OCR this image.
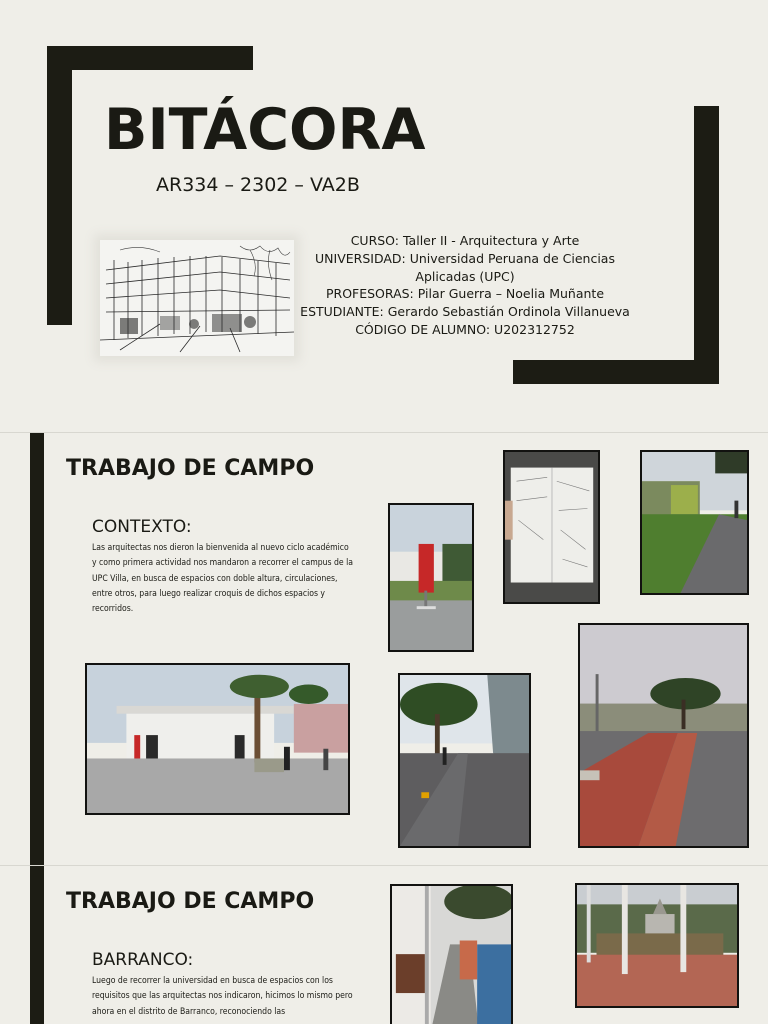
BITÁCORA
AR334 – 2302 – VA2B
CURSO: Taller II - Arquitectura y Arte
UNIVERSIDAD: Universidad Peruana de Ciencias Aplicadas (UPC)
PROFESORAS: Pilar Guerra – Noelia Muñante
ESTUDIANTE: Gerardo Sebastián Ordinola Villanueva
CÓDIGO DE ALUMNO: U202312752
TRABAJO DE CAMPO
CONTEXTO:
Las arquitectas nos dieron la bienvenida al nuevo ciclo académico y como primera actividad nos mandaron a recorrer el campus de la UPC Villa, en busca de espacios con doble altura, circulaciones, entre otros, para luego realizar croquis de dichos espacios y recorridos.
TRABAJO DE CAMPO
BARRANCO:
Luego de recorrer la universidad en busca de espacios con los requisitos que las arquitectas nos indicaron, hicimos lo mismo pero ahora en el distrito de Barranco, reconociendo las
